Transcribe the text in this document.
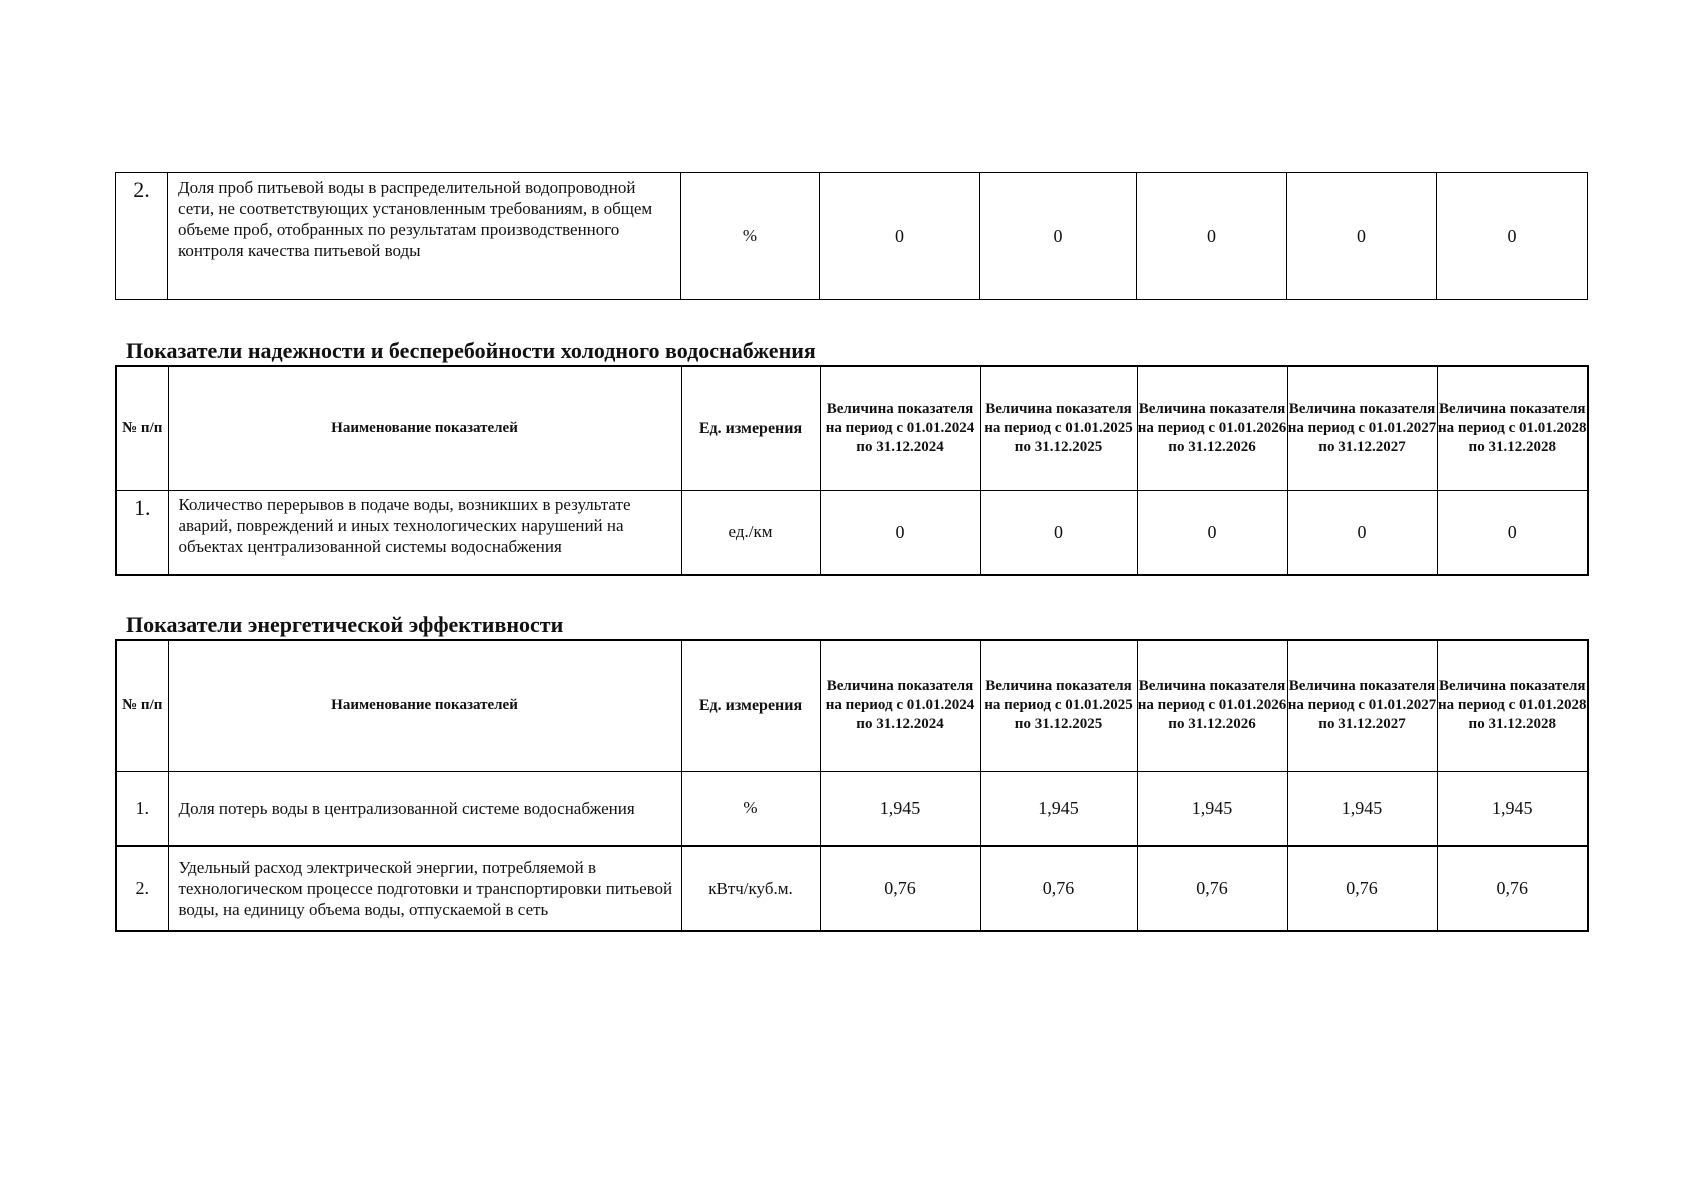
2.	Доля проб питьевой воды в распределительной водопроводной сети, не соответствующих установленным требованиям, в общем объеме проб, отобранных по результатам производственного контроля качества питьевой воды	%	0	0	0	0	0
Показатели надежности и бесперебойности холодного водоснабжения
№ п/п	Наименование показателей	Ед. измерения	Величина показателя на период с 01.01.2024 по 31.12.2024	Величина показателя на период с 01.01.2025 по 31.12.2025	Величина показателя на период с 01.01.2026 по 31.12.2026	Величина показателя на период с 01.01.2027 по 31.12.2027	Величина показателя на период с 01.01.2028 по 31.12.2028
1.	Количество перерывов в подаче воды, возникших в результате аварий, повреждений и иных технологических нарушений на объектах централизованной системы водоснабжения	ед./км	0	0	0	0	0
Показатели энергетической эффективности
№ п/п	Наименование показателей	Ед. измерения	Величина показателя на период с 01.01.2024 по 31.12.2024	Величина показателя на период с 01.01.2025 по 31.12.2025	Величина показателя на период с 01.01.2026 по 31.12.2026	Величина показателя на период с 01.01.2027 по 31.12.2027	Величина показателя на период с 01.01.2028 по 31.12.2028
1.	Доля потерь воды в централизованной системе водоснабжения	%	1,945	1,945	1,945	1,945	1,945
2.	Удельный расход электрической энергии, потребляемой в технологическом процессе подготовки и транспортировки питьевой воды, на единицу объема воды, отпускаемой в сеть	кВтч/куб.м.	0,76	0,76	0,76	0,76	0,76
